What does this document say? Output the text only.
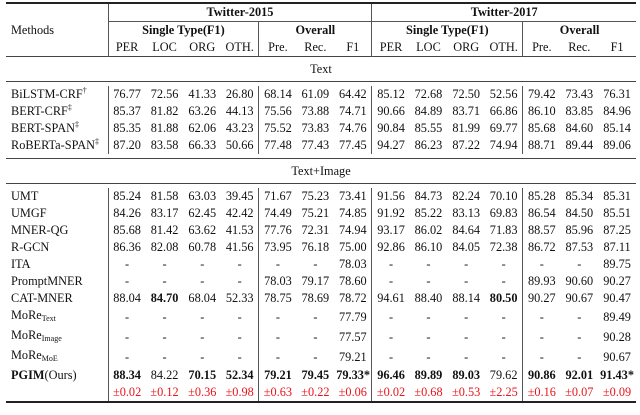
Methods	Twitter-2015							Twitter-2017						
	Single Type(F1)				Overall			Single Type(F1)				Overall		
	PER	LOC	ORG	OTH.	Pre.	Rec.	F1	PER	LOC	ORG	OTH.	Pre.	Rec.	F1
Text														

BiLSTM-CRF†	76.77	72.56	41.33	26.80	68.14	61.09	64.42	85.12	72.68	72.50	52.56	79.42	73.43	76.31
BERT-CRF‡	85.37	81.82	63.26	44.13	75.56	73.88	74.71	90.66	84.89	83.71	66.86	86.10	83.85	84.96
BERT-SPAN‡	85.35	81.88	62.06	43.23	75.52	73.83	74.76	90.84	85.55	81.99	69.77	85.68	84.60	85.14
RoBERTa-SPAN‡	87.20	83.58	66.33	50.66	77.48	77.43	77.45	94.27	86.23	87.22	74.94	88.71	89.44	89.06

Text+Image														

UMT	85.24	81.58	63.03	39.45	71.67	75.23	73.41	91.56	84.73	82.24	70.10	85.28	85.34	85.31
UMGF	84.26	83.17	62.45	42.42	74.49	75.21	74.85	91.92	85.22	83.13	69.83	86.54	84.50	85.51
MNER-QG	85.68	81.42	63.62	41.53	77.76	72.31	74.94	93.17	86.02	84.64	71.83	88.57	85.96	87.25
R-GCN	86.36	82.08	60.78	41.56	73.95	76.18	75.00	92.86	86.10	84.05	72.38	86.72	87.53	87.11
ITA	-	-	-	-	-	-	78.03	-	-	-	-	-	-	89.75
PromptMNER	-	-	-	-	78.03	79.17	78.60	-	-	-	-	89.93	90.60	90.27
CAT-MNER	88.04	84.70	68.04	52.33	78.75	78.69	78.72	94.61	88.40	88.14	80.50	90.27	90.67	90.47
MoRe$_{Text}$	-	-	-	-	-	-	77.79	-	-	-	-	-	-	89.49
MoRe$_{Image}$	-	-	-	-	-	-	77.57	-	-	-	-	-	-	90.28
MoRe$_{MoE}$	-	-	-	-	-	-	79.21	-	-	-	-	-	-	90.67
PGIM(Ours)	88.34	84.22	70.15	52.34	79.21	79.45	79.33*	96.46	89.89	89.03	79.62	90.86	92.01	91.43*
	±0.02	±0.12	±0.36	±0.98	±0.63	±0.22	±0.06	±0.02	±0.68	±0.53	±2.25	±0.16	±0.07	±0.09
